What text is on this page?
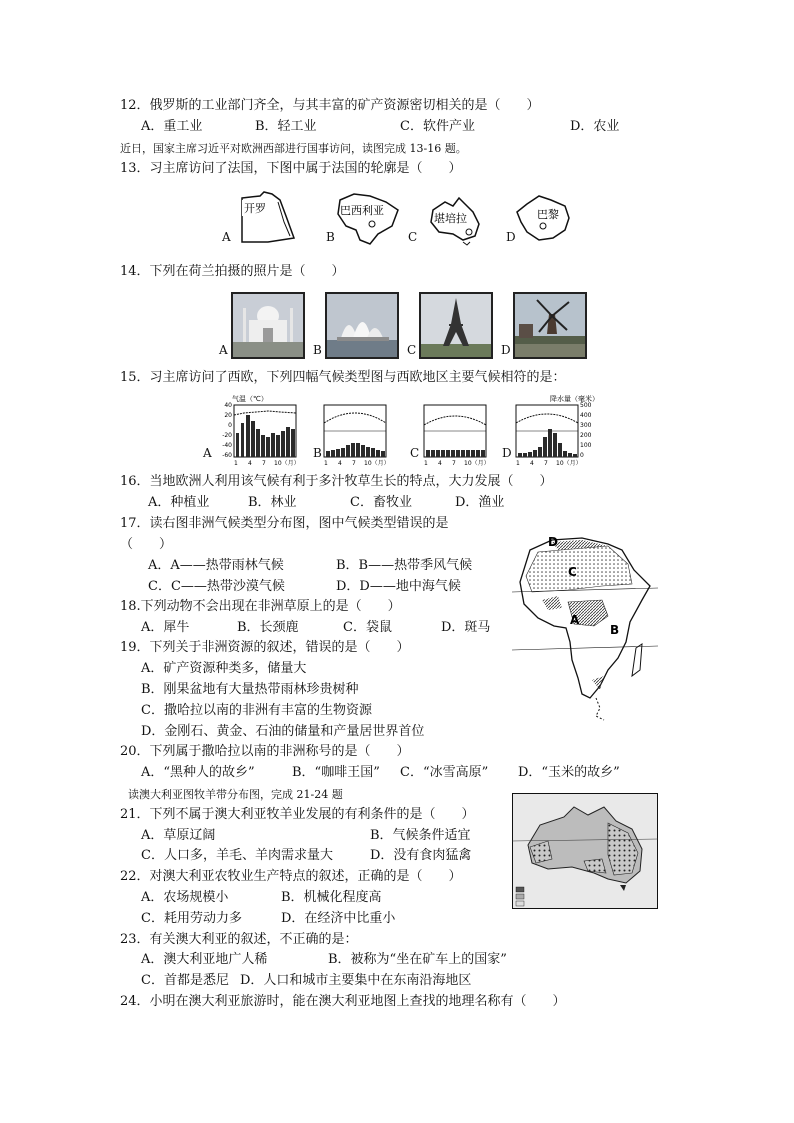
12．俄罗斯的工业部门齐全，与其丰富的矿产资源密切相关的是（　　）
A．重工业	B．轻工业	C．软件产业	D．农业
近日，国家主席习近平对欧洲西部进行国事访问，读图完成 13-16 题。
13．习主席访问了法国，下图中属于法国的轮廓是（　　）
A	B	C	D
开罗	巴西利亚
堪培拉	巴黎
14．下列在荷兰拍摄的照片是（　　）
A	B	C	D
15．习主席访问了西欧，下列四幅气候类型图与西欧地区主要气候相符的是：
A	B	C	D
气温（℃）
40
20
0
-20
-40
-60
1 4 7 10（月）	1 4 7 10（月）	1 4 7 10（月）
降水量（毫米）
500
400
300
200
100
0
1 4 7 10（月）
16．当地欧洲人利用该气候有利于多汁牧草生长的特点，大力发展（　　）
A．种植业	B．林业	C．畜牧业	D．渔业
17．读右图非洲气候类型分布图，图中气候类型错误的是
（　　）
A．A——热带雨林气候	B．B——热带季风气候
C．C——热带沙漠气候	D．D——地中海气候
D
C
A
B
18.下列动物不会出现在非洲草原上的是（　　）
A．犀牛	B．长颈鹿	C．袋鼠	D．斑马
19．下列关于非洲资源的叙述，错误的是（　　）
A．矿产资源种类多，储量大
B．刚果盆地有大量热带雨林珍贵树种
C．撒哈拉以南的非洲有丰富的生物资源
D．金刚石、黄金、石油的储量和产量居世界首位
20．下列属于撒哈拉以南的非洲称号的是（　　）
A．“黑种人的故乡”	B．“咖啡王国” C．“冰雪高原” D．“玉米的故乡”
读澳大利亚图牧羊带分布图，完成 21-24 题
21．下列不属于澳大利亚牧羊业发展的有利条件的是（　　）
A．草原辽阔	B．气候条件适宜
C．人口多，羊毛、羊肉需求量大	D．没有食肉猛禽
22．对澳大利亚农牧业生产特点的叙述，正确的是（　　）
A．农场规模小	B．机械化程度高
C．耗用劳动力多	D．在经济中比重小
23．有关澳大利亚的叙述，不正确的是：
A．澳大利亚地广人稀	B．被称为“坐在矿车上的国家”
C．首都是悉尼 D．人口和城市主要集中在东南沿海地区
24．小明在澳大利亚旅游时，能在澳大利亚地图上查找的地理名称有（　　）
